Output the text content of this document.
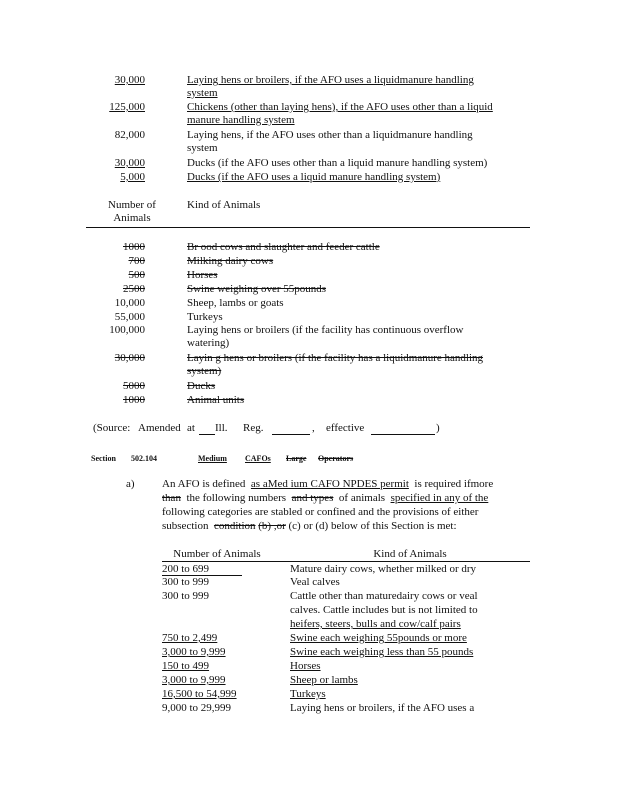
30,000	Laying hens or broilers, if the AFO uses a liquidmanure handling
system
125,000	Chickens (other than laying hens), if the AFO uses other than a liquid
manure handling system
82,000	Laying hens, if the AFO uses other than a liquidmanure handling
system
30,000	Ducks (if the AFO uses other than a liquid manure handling system)
5,000	Ducks (if the AFO uses a liquid manure handling system)
Number of
Animals
Kind of Animals
1000	Br ood cows and slaughter and feeder cattle
700	Milking dairy cows
500	Horses
2500	Swine weighing over 55pounds
10,000	Sheep, lambs or goats
55,000	Turkeys
100,000	Laying hens or broilers (if the facility has continuous overflow
watering)
30,000	Layin g hens or broilers (if the facility has a liquidmanure handling
system)
5000	Ducks
1000	Animal units
(Source: Amended at Ill. Reg.	, effective	)
Section 502.104	Medium CAFOs Large Operators
a) An AFO is defined as aMed ium CAFO NPDES permit is required ifmore
than the following numbers and types of animals specified in any of the
following categories are stabled or confined and the provisions of either
subsection condition (b) ,or (c) or (d) below of this Section is met:
Number of Animals	Kind of Animals
200 to 699	Mature dairy cows, whether milked or dry
300 to 999	Veal calves
300 to 999	Cattle other than maturedairy cows or veal
calves. Cattle includes but is not limited to
heifers, steers, bulls and cow/calf pairs
750 to 2,499	Swine each weighing 55pounds or more
3,000 to 9,999	Swine each weighing less than 55 pounds
150 to 499	Horses
3,000 to 9,999	Sheep or lambs
16,500 to 54,999	Turkeys
9,000 to 29,999	Laying hens or broilers, if the AFO uses a
